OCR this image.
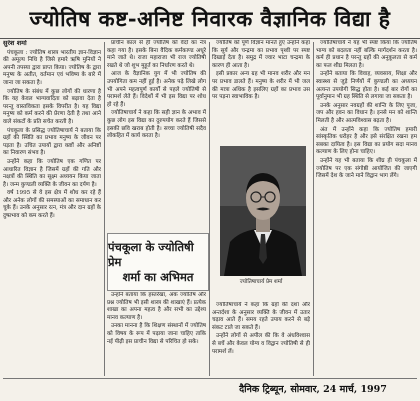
ज्योतिष कष्ट-अनिष्ट निवारक वैज्ञानिक विद्या है

सुरेश शर्मा

पंचकूला : ज्योतिष शास्त्र भारतीय ज्ञान-विज्ञान की अमूल्य निधि है जिसे हमारे ऋषि मुनियों ने अपनी तपस्या द्वारा प्राप्त किया। ज्योतिष के द्वारा मनुष्य के अतीत, वर्तमान एवं भविष्य के बारे में जाना जा सकता है।

ज्योतिष के संबंध में कुछ लोगों की धारणा है कि यह केवल भाग्यवादिता को बढ़ावा देता है परन्तु वास्तविकता इसके विपरीत है। यह विद्या मनुष्य को कर्म करने की प्रेरणा देती है तथा आने वाले संकटों के प्रति सचेत करती है।

पंचकूला के प्रसिद्ध ज्योतिषाचार्य ने बताया कि ग्रहों की स्थिति का प्रभाव मनुष्य के जीवन पर पड़ता है। उचित उपायों द्वारा कष्टों और अनिष्टों का निवारण संभव है।

उन्होंने कहा कि ज्योतिष एक गणित पर आधारित विज्ञान है जिसमें ग्रहों की गति और नक्षत्रों की स्थिति का सूक्ष्म अध्ययन किया जाता है। जन्म कुण्डली व्यक्ति के जीवन का दर्पण है।

वर्ष 1995 से वे इस क्षेत्र में शोध कर रहे हैं और अनेक लोगों की समस्याओं का समाधान कर चुके हैं। उनके अनुसार रत्न, मंत्र और दान ग्रहों के दुष्प्रभाव को कम करते हैं।

प्राचीन काल से ही ज्योतिष को वेदों का नेत्र कहा गया है। इसके बिना वैदिक कर्मकाण्ड अधूरे माने जाते थे। राजा महाराजा भी राज ज्योतिषी रखते थे जो शुभ मुहूर्त का निर्धारण करते थे।

आज के वैज्ञानिक युग में भी ज्योतिष की उपयोगिता कम नहीं हुई है। अनेक पढ़े लिखे लोग भी अपने महत्वपूर्ण कार्यों से पहले ज्योतिषी से परामर्श लेते हैं। विदेशों में भी इस विद्या पर शोध हो रहे हैं।

ज्योतिषाचार्य ने कहा कि सही ज्ञान के अभाव में कुछ लोग इस विद्या का दुरुपयोग करते हैं जिससे इसकी छवि खराब होती है। सच्चा ज्योतिषी सदैव लोकहित में कार्य करता है।

पंचकूला के ज्योतिषी प्रेम
शर्मा का अभिमत

उन्होंने बताया कि हस्तरेखा, अंक ज्योतिष और प्रश्न ज्योतिष भी इसी शास्त्र की शाखाएं हैं। प्रत्येक शाखा का अपना महत्व है और सभी का उद्देश्य मानव कल्याण है।

उनका मानना है कि शिक्षण संस्थानों में ज्योतिष को विषय के रूप में पढ़ाया जाना चाहिए ताकि नई पीढ़ी इस प्राचीन विद्या से परिचित हो सके।

ज्योतिष को पूर्ण विज्ञान मानते हुए उन्होंने कहा कि सूर्य और चन्द्रमा का प्रभाव पृथ्वी पर स्पष्ट दिखाई देता है। समुद्र में ज्वार भाटा चन्द्रमा के कारण ही आता है।

इसी प्रकार अन्य ग्रह भी मानव शरीर और मन पर प्रभाव डालते हैं। मनुष्य के शरीर में भी जल की मात्रा अधिक है इसलिए ग्रहों का प्रभाव उस पर पड़ना स्वाभाविक है।

ज्योतिषाचार्य प्रेम शर्मा

ज्योतिषाचार्य ने कहा कि ग्रहों की दशा और अन्तर्दशा के अनुसार व्यक्ति के जीवन में उतार चढ़ाव आते हैं। समय रहते उपाय करने से बड़े संकट टाले जा सकते हैं।

उन्होंने लोगों से अपील की कि वे अंधविश्वास से बचें और केवल योग्य व विद्वान ज्योतिषी से ही परामर्श लें।

ज्योतिषाचार्य ने यह भी स्पष्ट किया कि ज्योतिष भाग्य को बदलता नहीं बल्कि मार्गदर्शन करता है। कर्म ही प्रधान है परन्तु ग्रहों की अनुकूलता से कर्म का फल शीघ्र मिलता है।

उन्होंने बताया कि विवाह, व्यवसाय, शिक्षा और स्वास्थ्य से जुड़े निर्णयों में कुण्डली का अध्ययन अत्यन्त उपयोगी सिद्ध होता है। कई बार रोगों का पूर्वानुमान भी ग्रह स्थिति से लगाया जा सकता है।

उनके अनुसार नवग्रहों की शान्ति के लिए पूजा, जप और हवन का विधान है। इनसे मन को शान्ति मिलती है और आत्मविश्वास बढ़ता है।

अंत में उन्होंने कहा कि ज्योतिष हमारी सांस्कृतिक धरोहर है और इसे संरक्षित रखना हम सबका दायित्व है। इस विद्या का प्रयोग सदा मानव कल्याण के लिए होना चाहिए।

उन्होंने यह भी बताया कि शीघ्र ही पंचकूला में ज्योतिष पर एक संगोष्ठी आयोजित की जाएगी जिसमें देश के जाने माने विद्वान भाग लेंगे।

दैनिक ट्रिब्यून, सोमवार, 24 मार्च, 1997
